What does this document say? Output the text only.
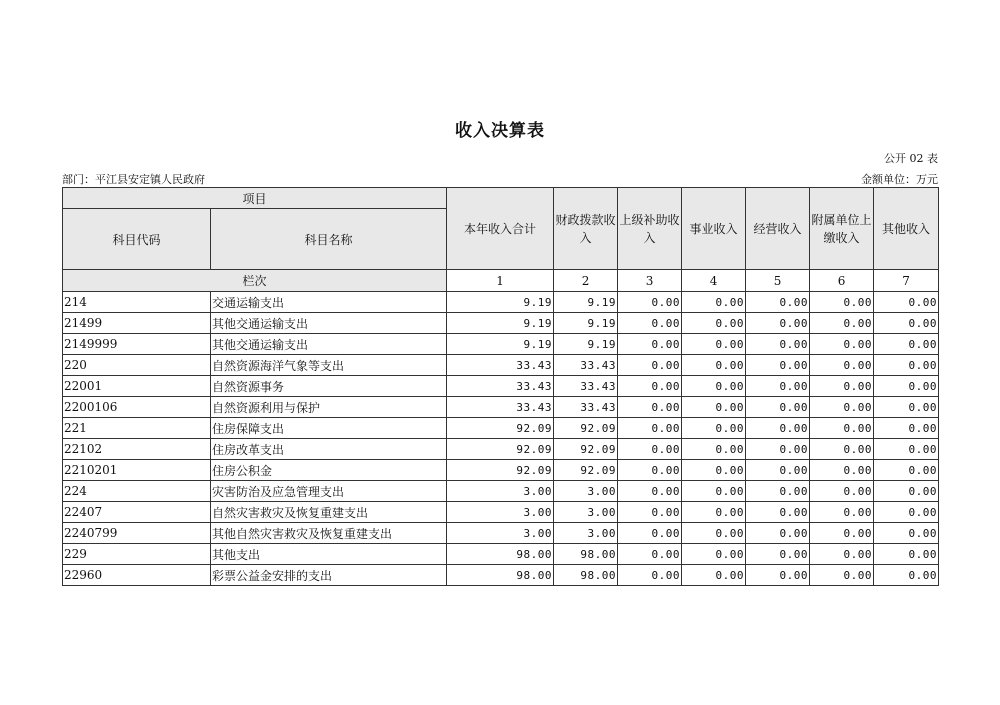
收入决算表
公开 02 表
部门：平江县安定镇人民政府	金额单位：万元
项目		本年收入合计	财政拨款收入	上级补助收入	事业收入	经营收入	附属单位上缴收入	其他收入
科目代码	科目名称							
栏次		1	2	3	4	5	6	7
214	交通运输支出	9.19	9.19	0.00	0.00	0.00	0.00	0.00
21499	其他交通运输支出	9.19	9.19	0.00	0.00	0.00	0.00	0.00
2149999	其他交通运输支出	9.19	9.19	0.00	0.00	0.00	0.00	0.00
220	自然资源海洋气象等支出	33.43	33.43	0.00	0.00	0.00	0.00	0.00
22001	自然资源事务	33.43	33.43	0.00	0.00	0.00	0.00	0.00
2200106	自然资源利用与保护	33.43	33.43	0.00	0.00	0.00	0.00	0.00
221	住房保障支出	92.09	92.09	0.00	0.00	0.00	0.00	0.00
22102	住房改革支出	92.09	92.09	0.00	0.00	0.00	0.00	0.00
2210201	住房公积金	92.09	92.09	0.00	0.00	0.00	0.00	0.00
224	灾害防治及应急管理支出	3.00	3.00	0.00	0.00	0.00	0.00	0.00
22407	自然灾害救灾及恢复重建支出	3.00	3.00	0.00	0.00	0.00	0.00	0.00
2240799	其他自然灾害救灾及恢复重建支出	3.00	3.00	0.00	0.00	0.00	0.00	0.00
229	其他支出	98.00	98.00	0.00	0.00	0.00	0.00	0.00
22960	彩票公益金安排的支出	98.00	98.00	0.00	0.00	0.00	0.00	0.00
